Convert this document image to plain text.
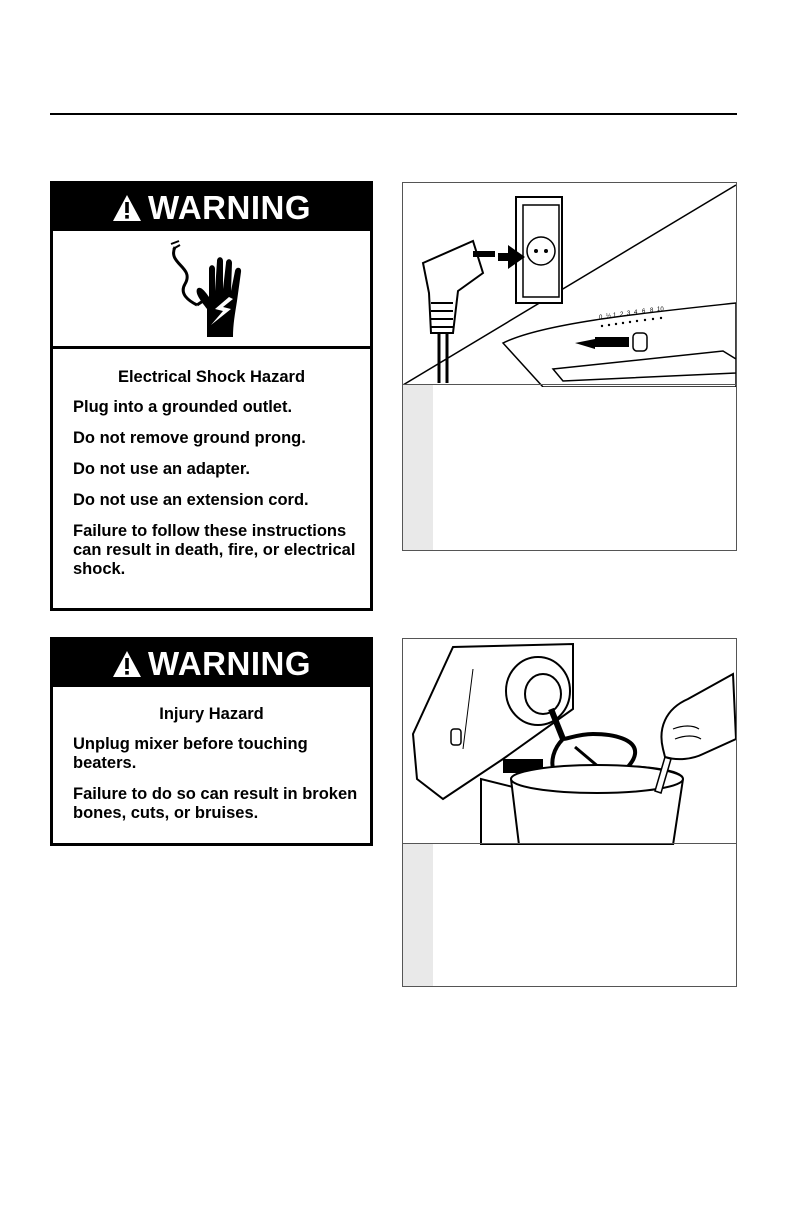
WARNING
Electrical Shock Hazard
Plug into a grounded outlet.
Do not remove ground prong.
Do not use an adapter.
Do not use an extension cord.
Failure to follow these instructions can result in death, fire, or electrical shock.
WARNING
Injury Hazard
Unplug mixer before touching beaters.
Failure to do so can result in broken bones, cuts, or bruises.
0 ½ 1 2 3 4 6 8 10
